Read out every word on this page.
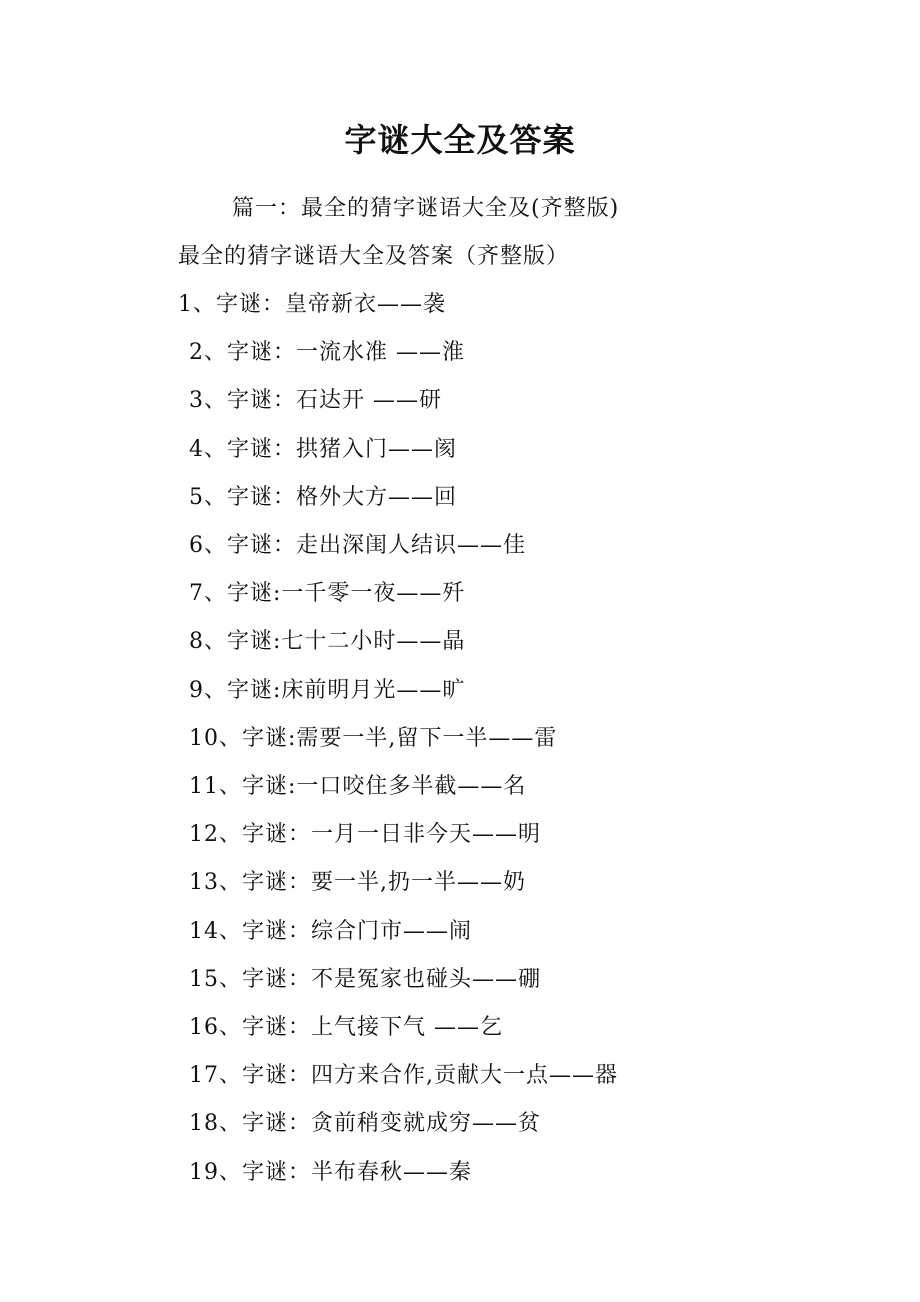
字谜大全及答案
篇一：最全的猜字谜语大全及(齐整版)
最全的猜字谜语大全及答案（齐整版）
1、字谜：皇帝新衣——袭
2、字谜：一流水准 ——淮
3、字谜：石达开 ——研
4、字谜：拱猪入门——阂
5、字谜：格外大方——回
6、字谜：走出深闺人结识——佳
7、字谜:一千零一夜——歼
8、字谜:七十二小时——晶
9、字谜:床前明月光——旷
10、字谜:需要一半,留下一半——雷
11、字谜:一口咬住多半截——名
12、字谜：一月一日非今天——明
13、字谜：要一半,扔一半——奶
14、字谜：综合门市——闹
15、字谜：不是冤家也碰头——硼
16、字谜：上气接下气 ——乞
17、字谜：四方来合作,贡献大一点——器
18、字谜：贪前稍变就成穷——贫
19、字谜：半布春秋——秦
